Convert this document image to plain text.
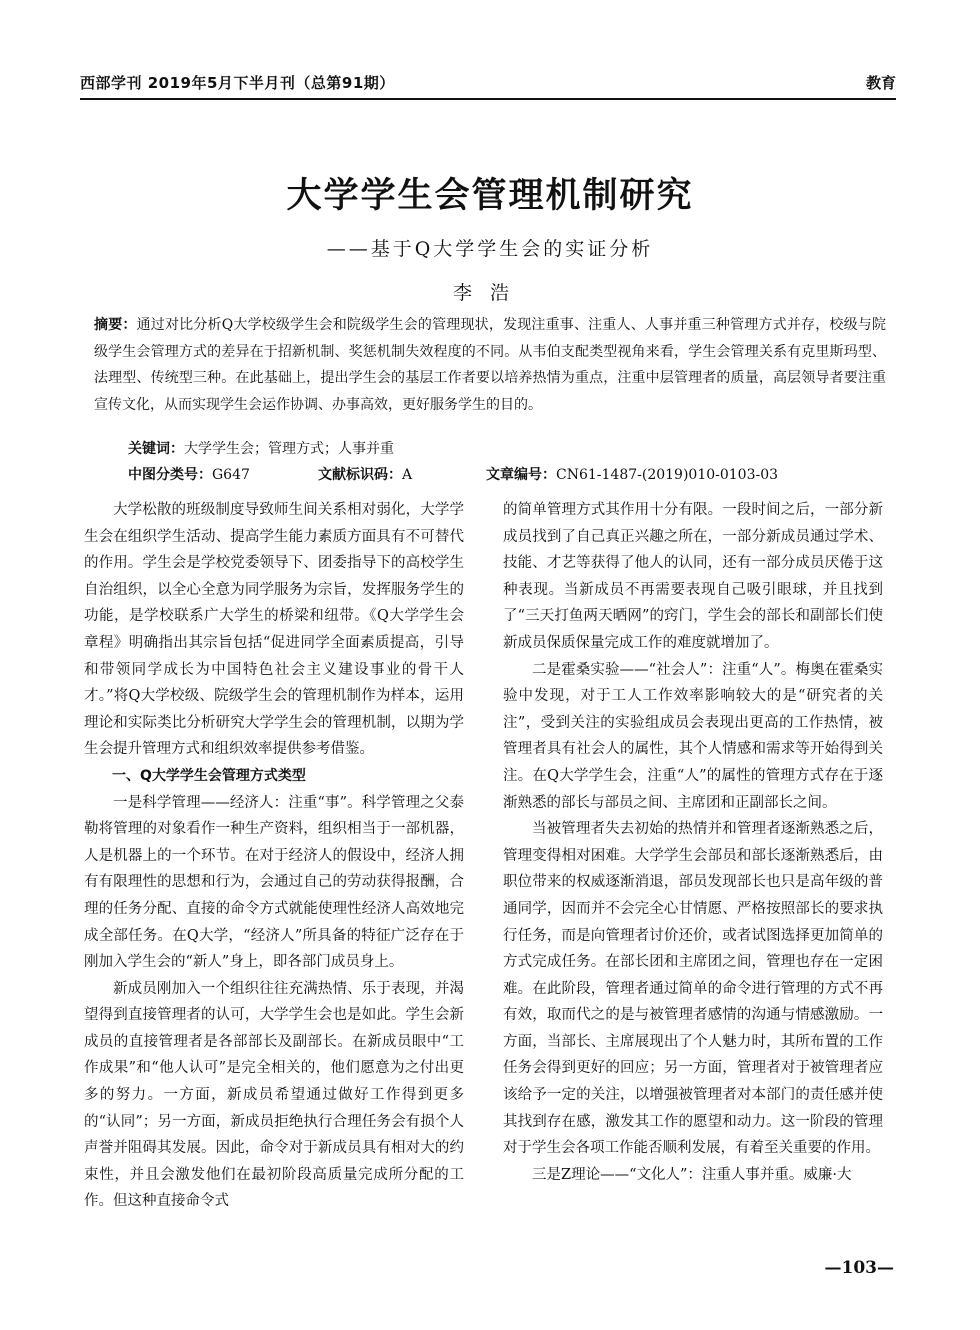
西部学刊 2019年5月下半月刊（总第91期）	教育
大学学生会管理机制研究
——基于Q大学学生会的实证分析
李浩
摘要：通过对比分析Q大学校级学生会和院级学生会的管理现状，发现注重事、注重人、人事并重三种管理方式并存，校级与院级学生会管理方式的差异在于招新机制、奖惩机制失效程度的不同。从韦伯支配类型视角来看，学生会管理关系有克里斯玛型、法理型、传统型三种。在此基础上，提出学生会的基层工作者要以培养热情为重点，注重中层管理者的质量，高层领导者要注重宣传文化，从而实现学生会运作协调、办事高效，更好服务学生的目的。
关键词：大学学生会；管理方式；人事并重
中图分类号：G647	文献标识码：A	文章编号：CN61-1487-(2019)010-0103-03

大学松散的班级制度导致师生间关系相对弱化，大学学生会在组织学生活动、提高学生能力素质方面具有不可替代的作用。学生会是学校党委领导下、团委指导下的高校学生自治组织，以全心全意为同学服务为宗旨，发挥服务学生的功能，是学校联系广大学生的桥梁和纽带。《Q大学学生会章程》明确指出其宗旨包括“促进同学全面素质提高，引导和带领同学成长为中国特色社会主义建设事业的骨干人才。”将Q大学校级、院级学生会的管理机制作为样本，运用理论和实际类比分析研究大学学生会的管理机制，以期为学生会提升管理方式和组织效率提供参考借鉴。

一、Q大学学生会管理方式类型

一是科学管理——经济人：注重“事”。科学管理之父泰勒将管理的对象看作一种生产资料，组织相当于一部机器，人是机器上的一个环节。在对于经济人的假设中，经济人拥有有限理性的思想和行为，会通过自己的劳动获得报酬，合理的任务分配、直接的命令方式就能使理性经济人高效地完成全部任务。在Q大学，“经济人”所具备的特征广泛存在于刚加入学生会的“新人”身上，即各部门成员身上。

新成员刚加入一个组织往往充满热情、乐于表现，并渴望得到直接管理者的认可，大学学生会也是如此。学生会新成员的直接管理者是各部部长及副部长。在新成员眼中“工作成果”和“他人认可”是完全相关的，他们愿意为之付出更多的努力。一方面，新成员希望通过做好工作得到更多的“认同”；另一方面，新成员拒绝执行合理任务会有损个人声誉并阻碍其发展。因此，命令对于新成员具有相对大的约束性，并且会激发他们在最初阶段高质量完成所分配的工作。但这种直接命令式

的简单管理方式其作用十分有限。一段时间之后，一部分新成员找到了自己真正兴趣之所在，一部分新成员通过学术、技能、才艺等获得了他人的认同，还有一部分成员厌倦于这种表现。当新成员不再需要表现自己吸引眼球，并且找到了“三天打鱼两天晒网”的窍门，学生会的部长和副部长们使新成员保质保量完成工作的难度就增加了。

二是霍桑实验——“社会人”：注重“人”。梅奥在霍桑实验中发现，对于工人工作效率影响较大的是“研究者的关注”，受到关注的实验组成员会表现出更高的工作热情，被管理者具有社会人的属性，其个人情感和需求等开始得到关注。在Q大学学生会，注重“人”的属性的管理方式存在于逐渐熟悉的部长与部员之间、主席团和正副部长之间。

当被管理者失去初始的热情并和管理者逐渐熟悉之后，管理变得相对困难。大学学生会部员和部长逐渐熟悉后，由职位带来的权威逐渐消退，部员发现部长也只是高年级的普通同学，因而并不会完全心甘情愿、严格按照部长的要求执行任务，而是向管理者讨价还价，或者试图选择更加简单的方式完成任务。在部长团和主席团之间，管理也存在一定困难。在此阶段，管理者通过简单的命令进行管理的方式不再有效，取而代之的是与被管理者感情的沟通与情感激励。一方面，当部长、主席展现出了个人魅力时，其所布置的工作任务会得到更好的回应；另一方面，管理者对于被管理者应该给予一定的关注，以增强被管理者对本部门的责任感并使其找到存在感，激发其工作的愿望和动力。这一阶段的管理对于学生会各项工作能否顺利发展，有着至关重要的作用。

三是Z理论——“文化人”：注重人事并重。威廉·大

—103—
